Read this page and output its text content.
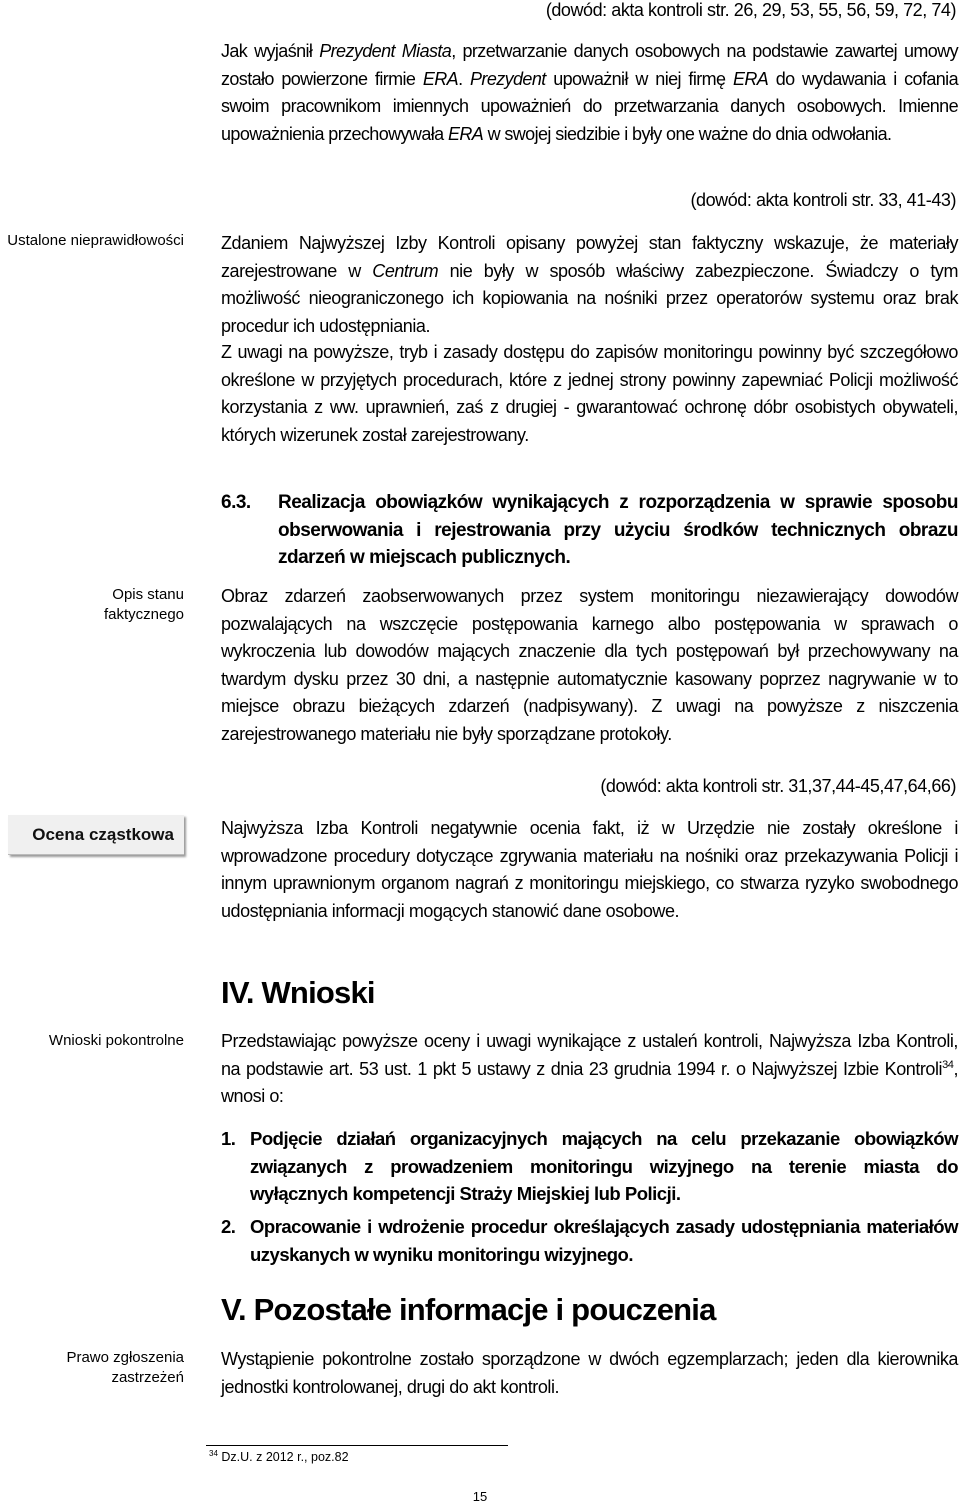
Ustalone nieprawidłowości
Opis stanu faktycznego
Ocena cząstkowa
Wnioski pokontrolne
Prawo zgłoszenia zastrzeżeń
(dowód: akta kontroli str. 26, 29, 53, 55, 56, 59, 72, 74)
Jak wyjaśnił Prezydent Miasta, przetwarzanie danych osobowych na podstawie zawartej umowy zostało powierzone firmie ERA. Prezydent upoważnił w niej firmę ERA do wydawania i cofania swoim pracownikom imiennych upoważnień do przetwarzania danych osobowych. Imienne upoważnienia przechowywała ERA w swojej siedzibie i były one ważne do dnia odwołania.
(dowód: akta kontroli str. 33, 41-43)
Zdaniem Najwyższej Izby Kontroli opisany powyżej stan faktyczny wskazuje, że materiały zarejestrowane w Centrum nie były w sposób właściwy zabezpieczone. Świadczy o tym możliwość nieograniczonego ich kopiowania na nośniki przez operatorów systemu oraz brak procedur ich udostępniania.
Z uwagi na powyższe, tryb i zasady dostępu do zapisów monitoringu powinny być szczegółowo określone w przyjętych procedurach, które z jednej strony powinny zapewniać Policji możliwość korzystania z ww. uprawnień, zaś z drugiej - gwarantować ochronę dóbr osobistych obywateli, których wizerunek został zarejestrowany.
6.3. Realizacja obowiązków wynikających z rozporządzenia w sprawie sposobu obserwowania i rejestrowania przy użyciu środków technicznych obrazu zdarzeń w miejscach publicznych.
Obraz zdarzeń zaobserwowanych przez system monitoringu niezawierający dowodów pozwalających na wszczęcie postępowania karnego albo postępowania w sprawach o wykroczenia lub dowodów mających znaczenie dla tych postępowań był przechowywany na twardym dysku przez 30 dni, a następnie automatycznie kasowany poprzez nagrywanie w to miejsce obrazu bieżących zdarzeń (nadpisywany). Z uwagi na powyższe z niszczenia zarejestrowanego materiału nie były sporządzane protokoły.
(dowód: akta kontroli str. 31,37,44-45,47,64,66)
Najwyższa Izba Kontroli negatywnie ocenia fakt, iż w Urzędzie nie zostały określone i wprowadzone procedury dotyczące zgrywania materiału na nośniki oraz przekazywania Policji i innym uprawnionym organom nagrań z monitoringu miejskiego, co stwarza ryzyko swobodnego udostępniania informacji mogących stanowić dane osobowe.
IV. Wnioski
Przedstawiając powyższe oceny i uwagi wynikające z ustaleń kontroli, Najwyższa Izba Kontroli, na podstawie art. 53 ust. 1 pkt 5 ustawy z dnia 23 grudnia 1994 r. o Najwyższej Izbie Kontroli$^{34}$, wnosi o:
1. Podjęcie działań organizacyjnych mających na celu przekazanie obowiązków związanych z prowadzeniem monitoringu wizyjnego na terenie miasta do wyłącznych kompetencji Straży Miejskiej lub Policji.
2. Opracowanie i wdrożenie procedur określających zasady udostępniania materiałów uzyskanych w wyniku monitoringu wizyjnego.
V. Pozostałe informacje i pouczenia
Wystąpienie pokontrolne zostało sporządzone w dwóch egzemplarzach; jeden dla kierownika jednostki kontrolowanej, drugi do akt kontroli.
$^{34}$ Dz.U. z 2012 r., poz.82
15
